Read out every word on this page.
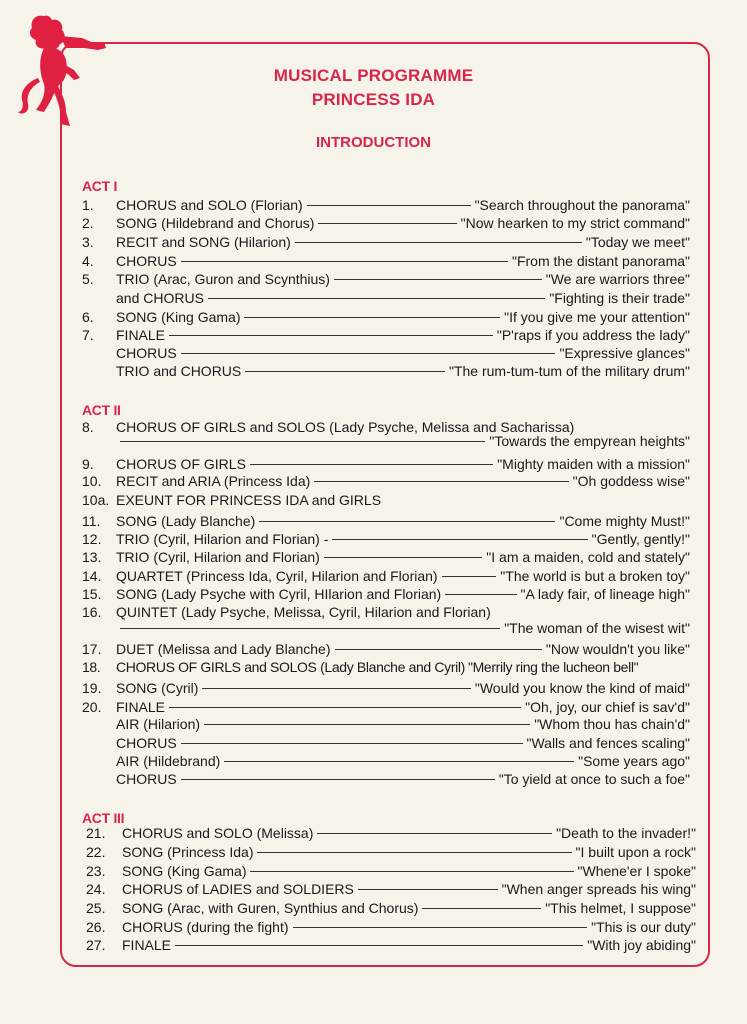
MUSICAL PROGRAMME
PRINCESS IDA
INTRODUCTION
ACT I
1.	CHORUS and SOLO (Florian)	"Search throughout the panorama"
2.	SONG (Hildebrand and Chorus)	"Now hearken to my strict command"
3.	RECIT and SONG (Hilarion)	"Today we meet"
4.	CHORUS	"From the distant panorama"
5.	TRIO (Arac, Guron and Scynthius)	"We are warriors three"
and CHORUS	"Fighting is their trade"
6.	SONG (King Gama)	"If you give me your attention"
7.	FINALE	"P'raps if you address the lady"
CHORUS	"Expressive glances"
TRIO and CHORUS	"The rum-tum-tum of the military drum"
ACT II
8.	CHORUS OF GIRLS and SOLOS (Lady Psyche, Melissa and Sacharissa)
"Towards the empyrean heights"
9.	CHORUS OF GIRLS	"Mighty maiden with a mission"
10.	RECIT and ARIA (Princess Ida)	"Oh goddess wise"
10a. EXEUNT FOR PRINCESS IDA and GIRLS
11.	SONG (Lady Blanche)	"Come mighty Must!"
12.	TRIO (Cyril, Hilarion and Florian) -	"Gently, gently!"
13.	TRIO (Cyril, Hilarion and Florian)	"I am a maiden, cold and stately"
14.	QUARTET (Princess Ida, Cyril, Hilarion and Florian)	"The world is but a broken toy"
15.	SONG (Lady Psyche with Cyril, HIlarion and Florian)	"A lady fair, of lineage high"
16.	QUINTET (Lady Psyche, Melissa, Cyril, Hilarion and Florian)
"The woman of the wisest wit"
17.	DUET (Melissa and Lady Blanche)	"Now wouldn't you like"
18.	CHORUS OF GIRLS and SOLOS (Lady Blanche and Cyril) "Merrily ring the lucheon bell"
19.	SONG (Cyril)	"Would you know the kind of maid"
20.	FINALE	"Oh, joy, our chief is sav'd"
AIR (Hilarion)	"Whom thou has chain'd"
CHORUS	"Walls and fences scaling"
AIR (Hildebrand)	"Some years ago"
CHORUS	"To yield at once to such a foe"
ACT III
21.	CHORUS and SOLO (Melissa)	"Death to the invader!"
22.	SONG (Princess Ida)	"I built upon a rock"
23.	SONG (King Gama)	"Whene'er I spoke"
24.	CHORUS of LADIES and SOLDIERS	"When anger spreads his wing"
25.	SONG (Arac, with Guren, Synthius and Chorus)	"This helmet, I suppose"
26.	CHORUS (during the fight)	"This is our duty"
27.	FINALE	"With joy abiding"
